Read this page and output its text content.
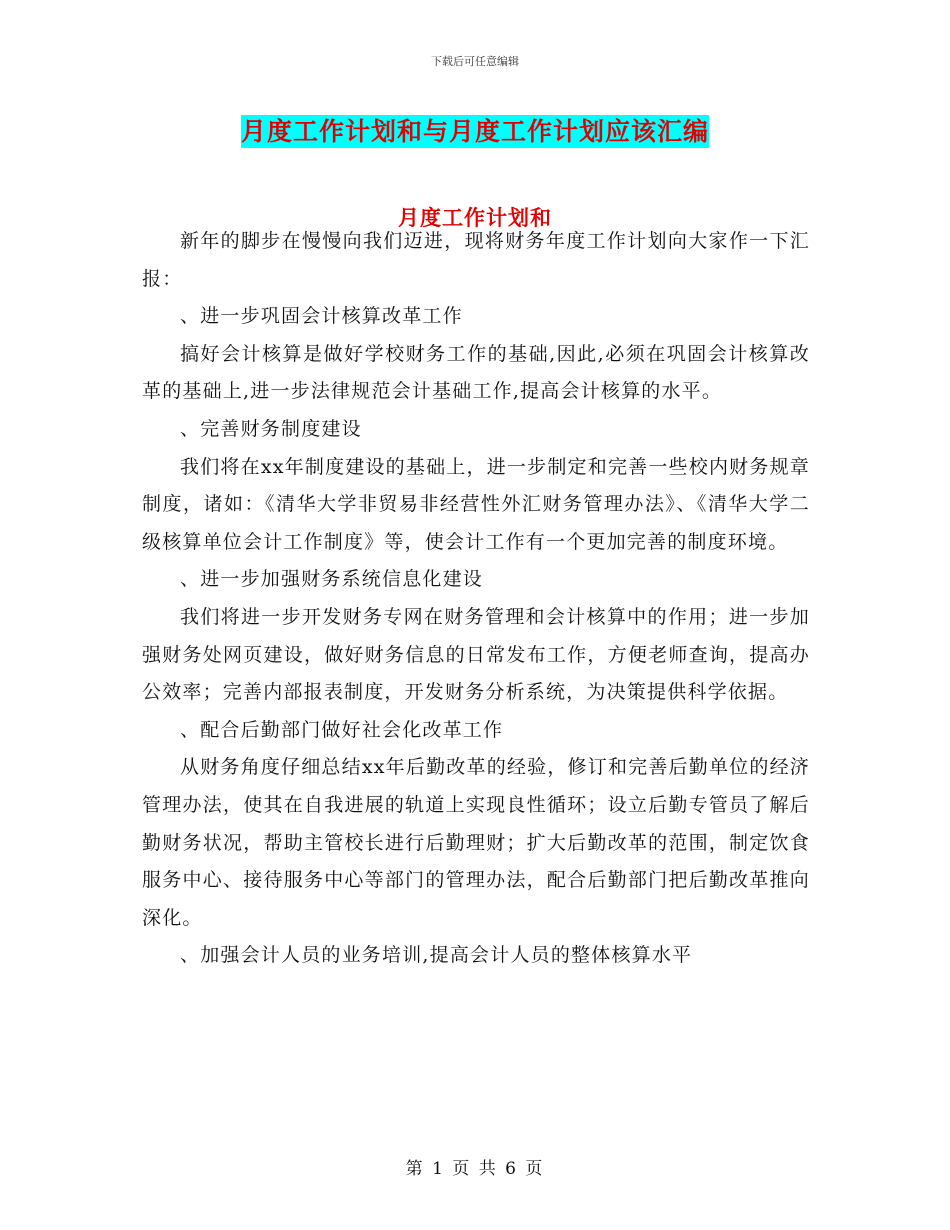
下载后可任意编辑
月度工作计划和与月度工作计划应该汇编
月度工作计划和

新年的脚步在慢慢向我们迈进，现将财务年度工作计划向大家作一下汇报：

、进一步巩固会计核算改革工作

搞好会计核算是做好学校财务工作的基础,因此,必须在巩固会计核算改革的基础上,进一步法律规范会计基础工作,提高会计核算的水平。

、完善财务制度建设

我们将在xx年制度建设的基础上，进一步制定和完善一些校内财务规章制度，诸如：《清华大学非贸易非经营性外汇财务管理办法》、《清华大学二级核算单位会计工作制度》等，使会计工作有一个更加完善的制度环境。

、进一步加强财务系统信息化建设

我们将进一步开发财务专网在财务管理和会计核算中的作用；进一步加强财务处网页建设，做好财务信息的日常发布工作，方便老师查询，提高办公效率；完善内部报表制度，开发财务分析系统，为决策提供科学依据。

、配合后勤部门做好社会化改革工作

从财务角度仔细总结xx年后勤改革的经验，修订和完善后勤单位的经济管理办法，使其在自我进展的轨道上实现良性循环；设立后勤专管员了解后勤财务状况，帮助主管校长进行后勤理财；扩大后勤改革的范围，制定饮食服务中心、接待服务中心等部门的管理办法，配合后勤部门把后勤改革推向深化。

、加强会计人员的业务培训,提高会计人员的整体核算水平

第 1 页 共 6 页
